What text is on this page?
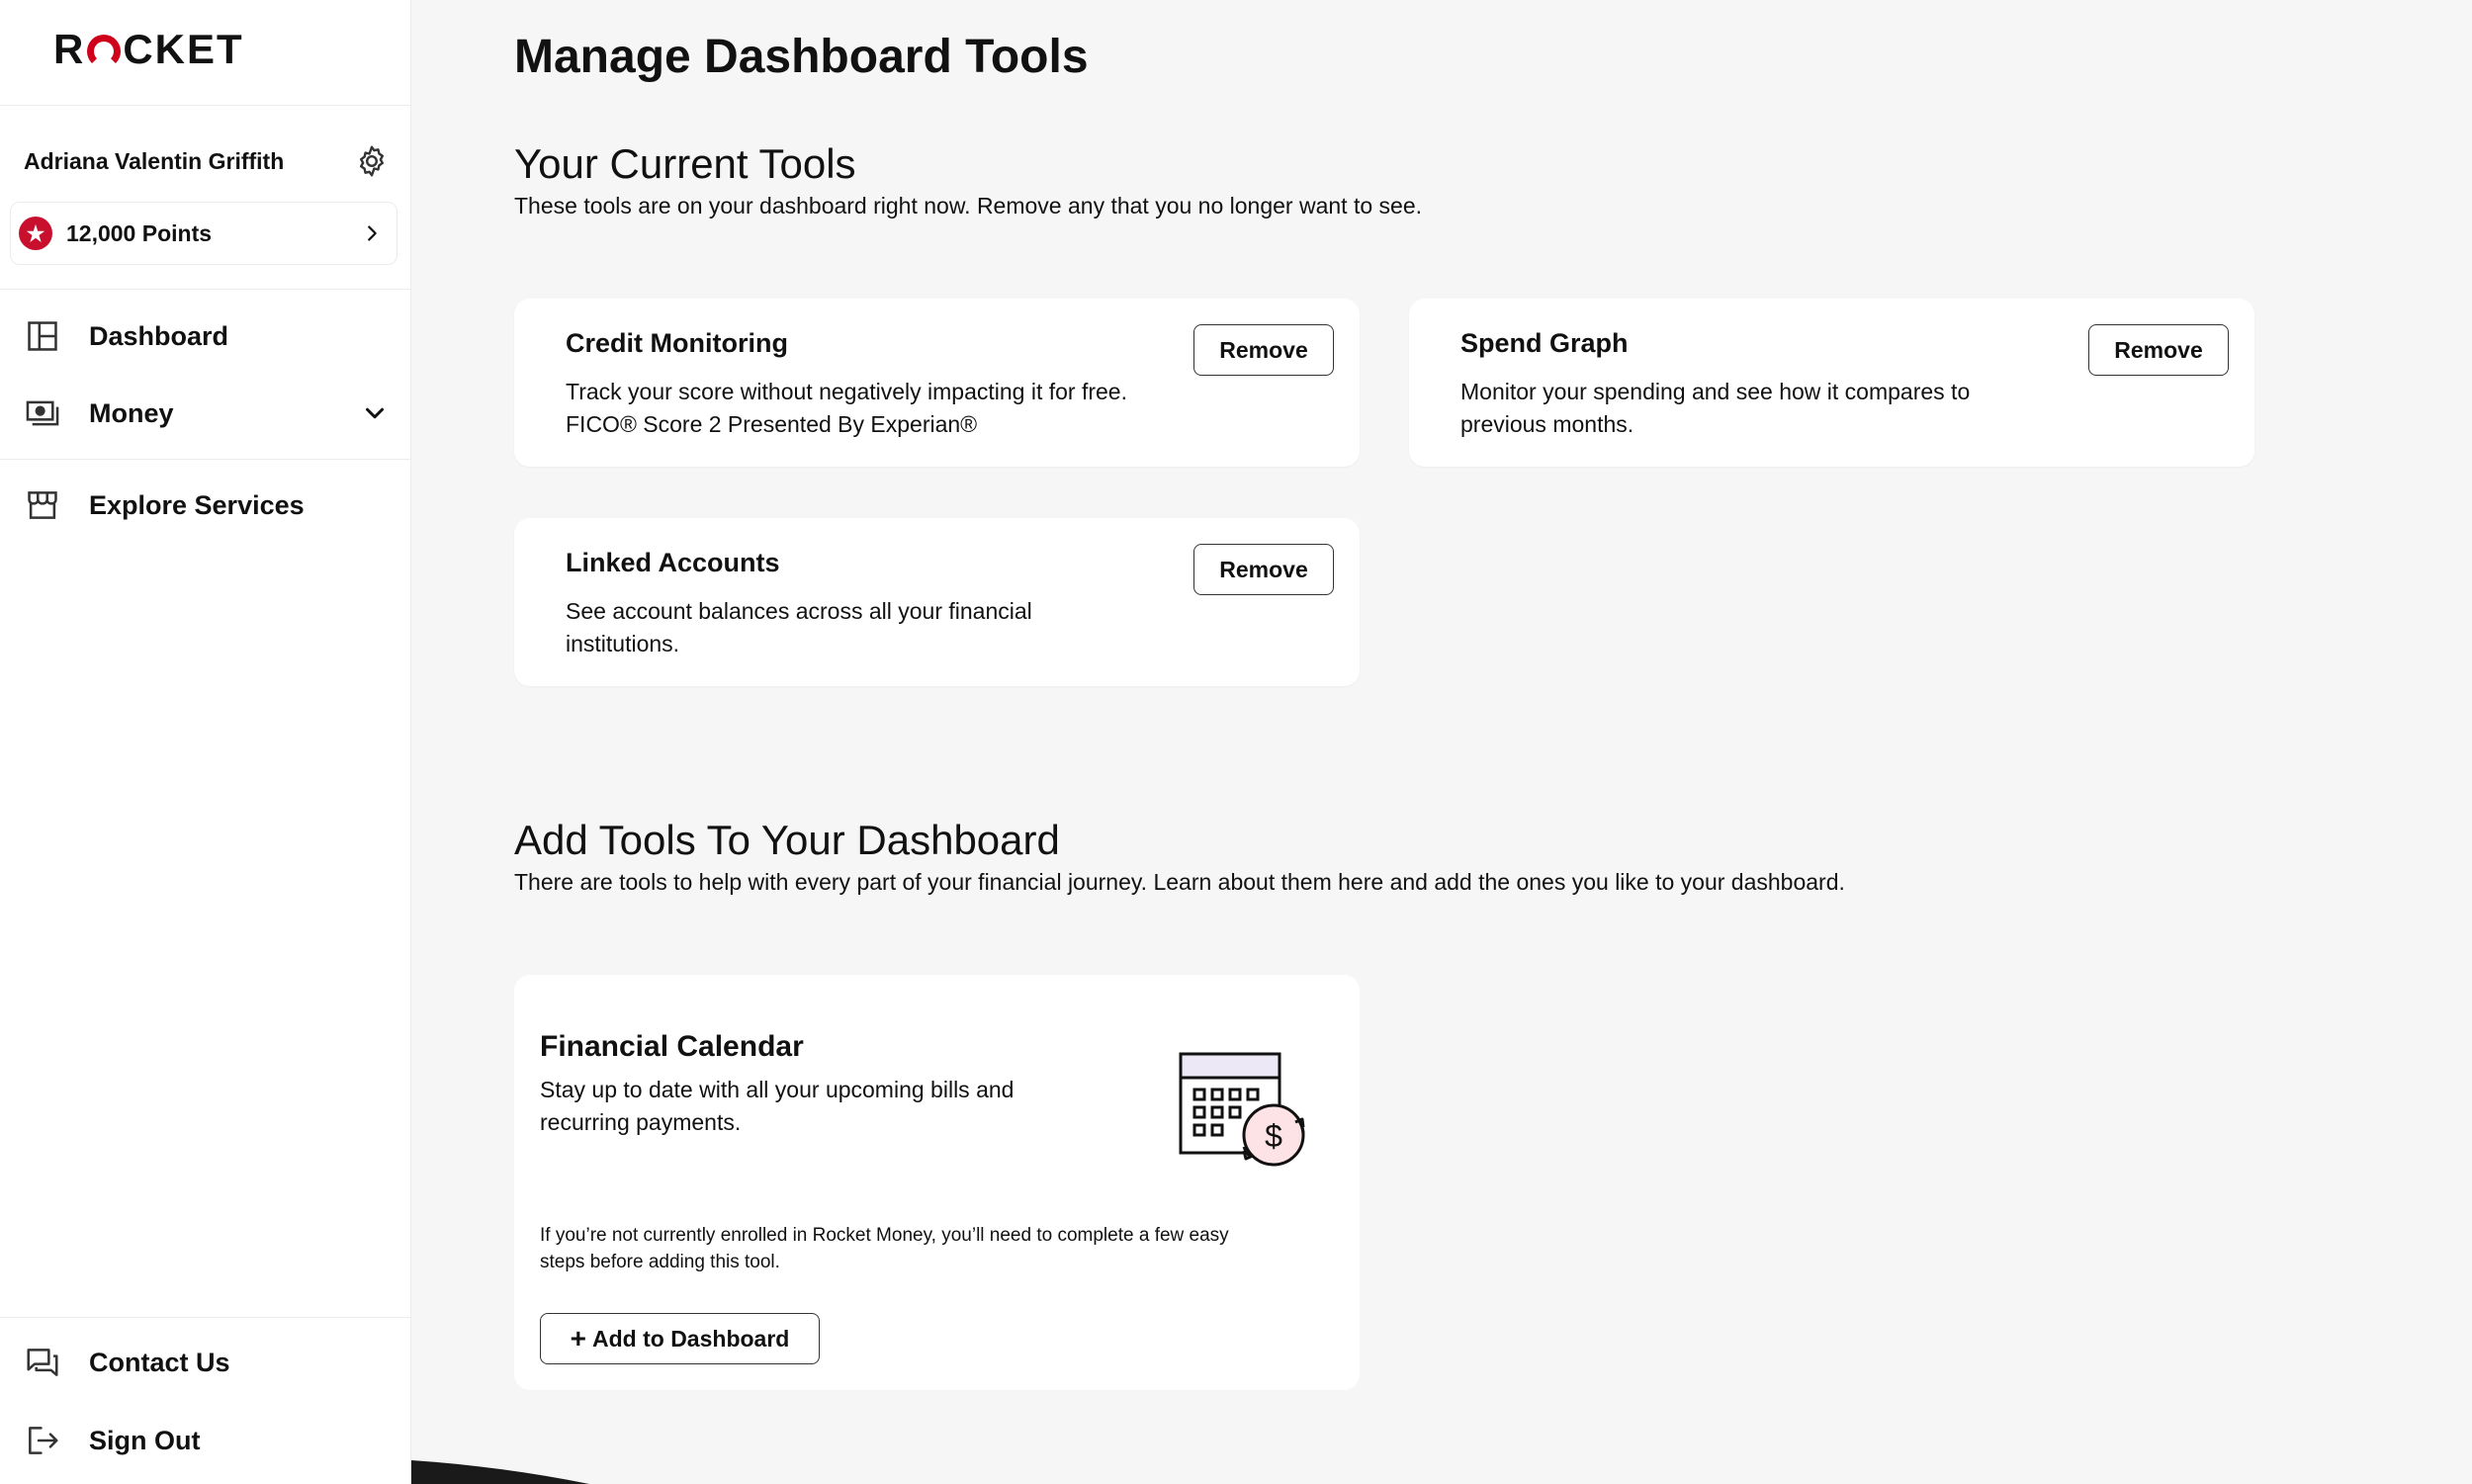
R CKET
Adriana Valentin Griffith
12,000 Points
Dashboard
Money
Explore Services
Contact Us
Sign Out
Manage Dashboard Tools
Your Current Tools

These tools are on your dashboard right now. Remove any that you no longer want to see.

Credit Monitoring
Track your score without negatively impacting it for free.
FICO® Score 2 Presented By Experian®
Remove	Spend Graph
Monitor your spending and see how it compares to
previous months.
Remove
Linked Accounts
See account balances across all your financial
institutions.
Remove
Add Tools To Your Dashboard

There are tools to help with every part of your financial journey. Learn about them here and add the ones you like to your dashboard.

Financial Calendar
Stay up to date with all your upcoming bills and
recurring payments.	$
If you’re not currently enrolled in Rocket Money, you’ll need to complete a few easy
steps before adding this tool.
+ Add to Dashboard
